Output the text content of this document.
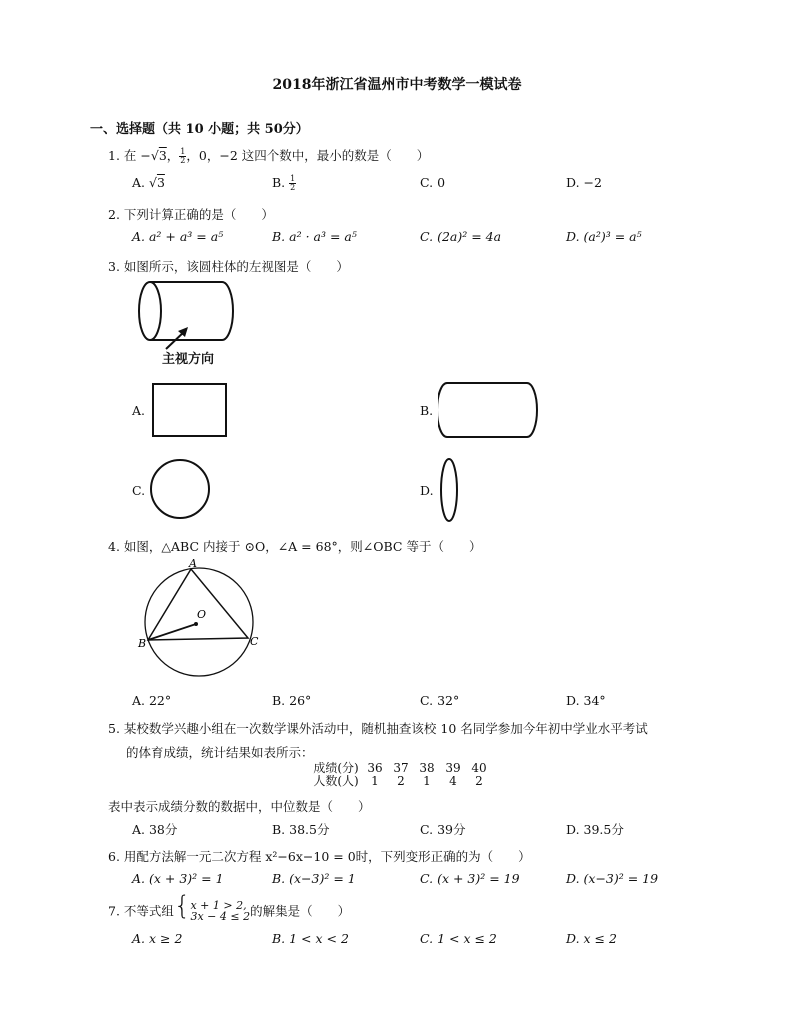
2018年浙江省温州市中考数学一模试卷
一、选择题（共 10 小题；共 50分）
1. 在 −√3， $\frac{1}{2}$ ，0，−2 这四个数中，最小的数是（　　）
A. √3	B. $\frac{1}{2}$	C. 0	D. −2
2. 下列计算正确的是（　　）
A. a² + a³ = a⁵	B. a² · a³ = a⁵	C. (2a)² = 4a	D. (a²)³ = a⁵
3. 如图所示，该圆柱体的左视图是（　　）
主视方向
A.	B.
C.	D.
4. 如图，△ABC 内接于 ⊙O，∠A = 68°，则∠OBC 等于（　　）
A
B	C
O
A. 22°	B. 26°	C. 32°	D. 34°
5. 某校数学兴趣小组在一次数学课外活动中，随机抽查该校 10 名同学参加今年初中学业水平考试
的体育成绩，统计结果如表所示：
成绩(分) 36 37 38 39 40
人数(人)	1	2	1	4	2
表中表示成绩分数的数据中，中位数是（　　）
A. 38分	B. 38.5分	C. 39分	D. 39.5分
6. 用配方法解一元二次方程 x²−6x−10 = 0时，下列变形正确的为（　　）
A. (x + 3)² = 1	B. (x−3)² = 1	C. (x + 3)² = 19	D. (x−3)² = 19
7. 不等式组{ x + 1 > 2,
3x − 4 ≤ 2 的解集是（　　）
A. x ≥ 2	B. 1 < x < 2	C. 1 < x ≤ 2	D. x ≤ 2
